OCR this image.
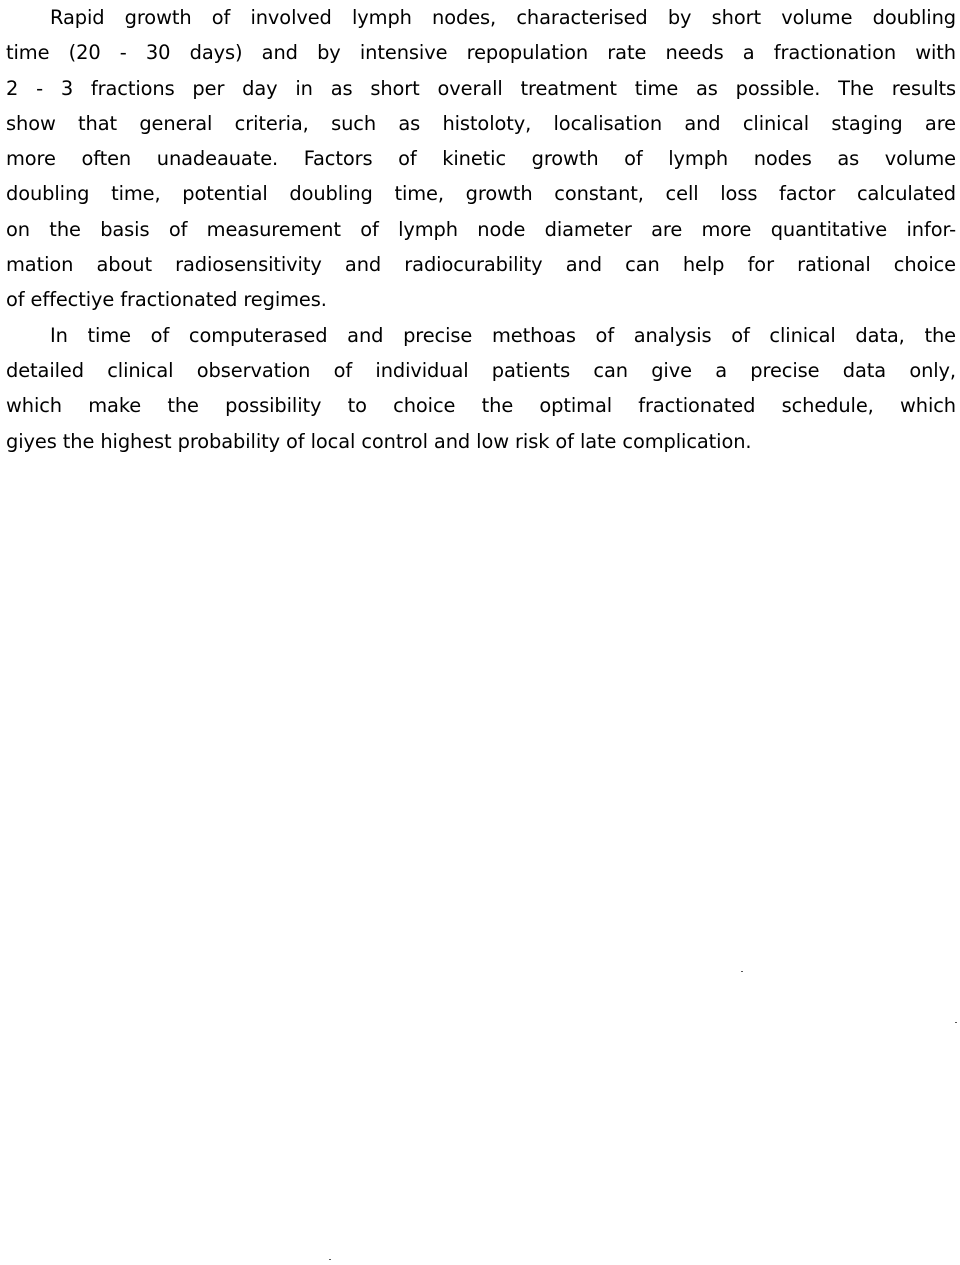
Rapid growth of involved lymph nodes, characterised by short volume doubling
time (20 - 30 days) and by intensive repopulation rate needs a fractionation with
2 - 3 fractions per day in as short overall treatment time as possible. The results
show that general criteria, such as histoloty, localisation and clinical staging are
more often unadeauate. Factors of kinetic growth of lymph nodes as volume
doubling time, potential doubling time, growth constant, cell loss factor calculated
on the basis of measurement of lymph node diameter are more quantitative infor-
mation about radiosensitivity and radiocurability and can help for rational choice
of effectiye fractionated regimes.
In time of computerased and precise methoas of analysis of clinical data, the
detailed clinical observation of individual patients can give a precise data only,
which make the possibility to choice the optimal fractionated schedule, which
giyes the highest probability of local control and low risk of late complication.
